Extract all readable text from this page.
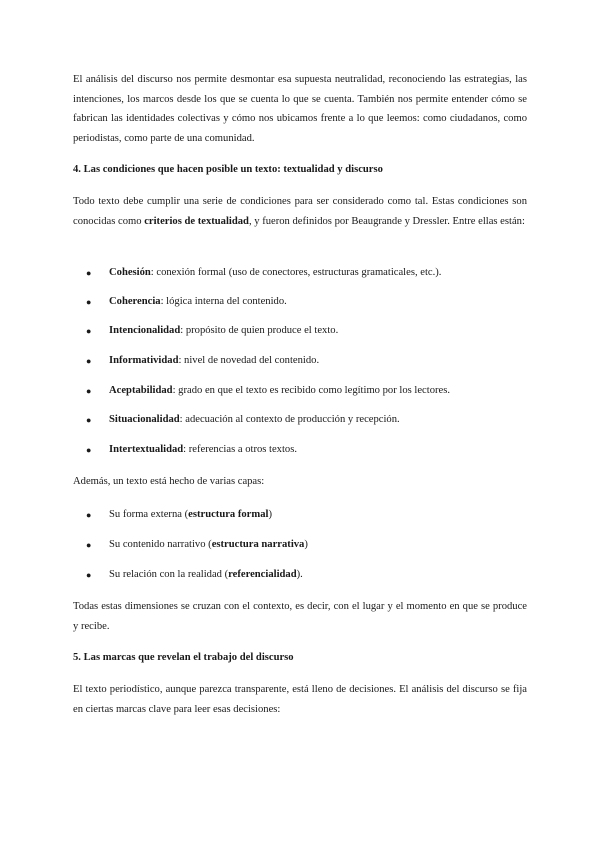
El análisis del discurso nos permite desmontar esa supuesta neutralidad, reconociendo las estrategias, las intenciones, los marcos desde los que se cuenta lo que se cuenta. También nos permite entender cómo se fabrican las identidades colectivas y cómo nos ubicamos frente a lo que leemos: como ciudadanos, como periodistas, como parte de una comunidad.

4. Las condiciones que hacen posible un texto: textualidad y discurso

Todo texto debe cumplir una serie de condiciones para ser considerado como tal. Estas condiciones son conocidas como criterios de textualidad, y fueron definidos por Beaugrande y Dressler. Entre ellas están:

● Cohesión: conexión formal (uso de conectores, estructuras gramaticales, etc.).
● Coherencia: lógica interna del contenido.
● Intencionalidad: propósito de quien produce el texto.
● Informatividad: nivel de novedad del contenido.
● Aceptabilidad: grado en que el texto es recibido como legítimo por los lectores.
● Situacionalidad: adecuación al contexto de producción y recepción.
● Intertextualidad: referencias a otros textos.

Además, un texto está hecho de varias capas:

● Su forma externa (estructura formal)
● Su contenido narrativo (estructura narrativa)
● Su relación con la realidad (referencialidad).

Todas estas dimensiones se cruzan con el contexto, es decir, con el lugar y el momento en que se produce y recibe.

5. Las marcas que revelan el trabajo del discurso

El texto periodístico, aunque parezca transparente, está lleno de decisiones. El análisis del discurso se fija en ciertas marcas clave para leer esas decisiones:
